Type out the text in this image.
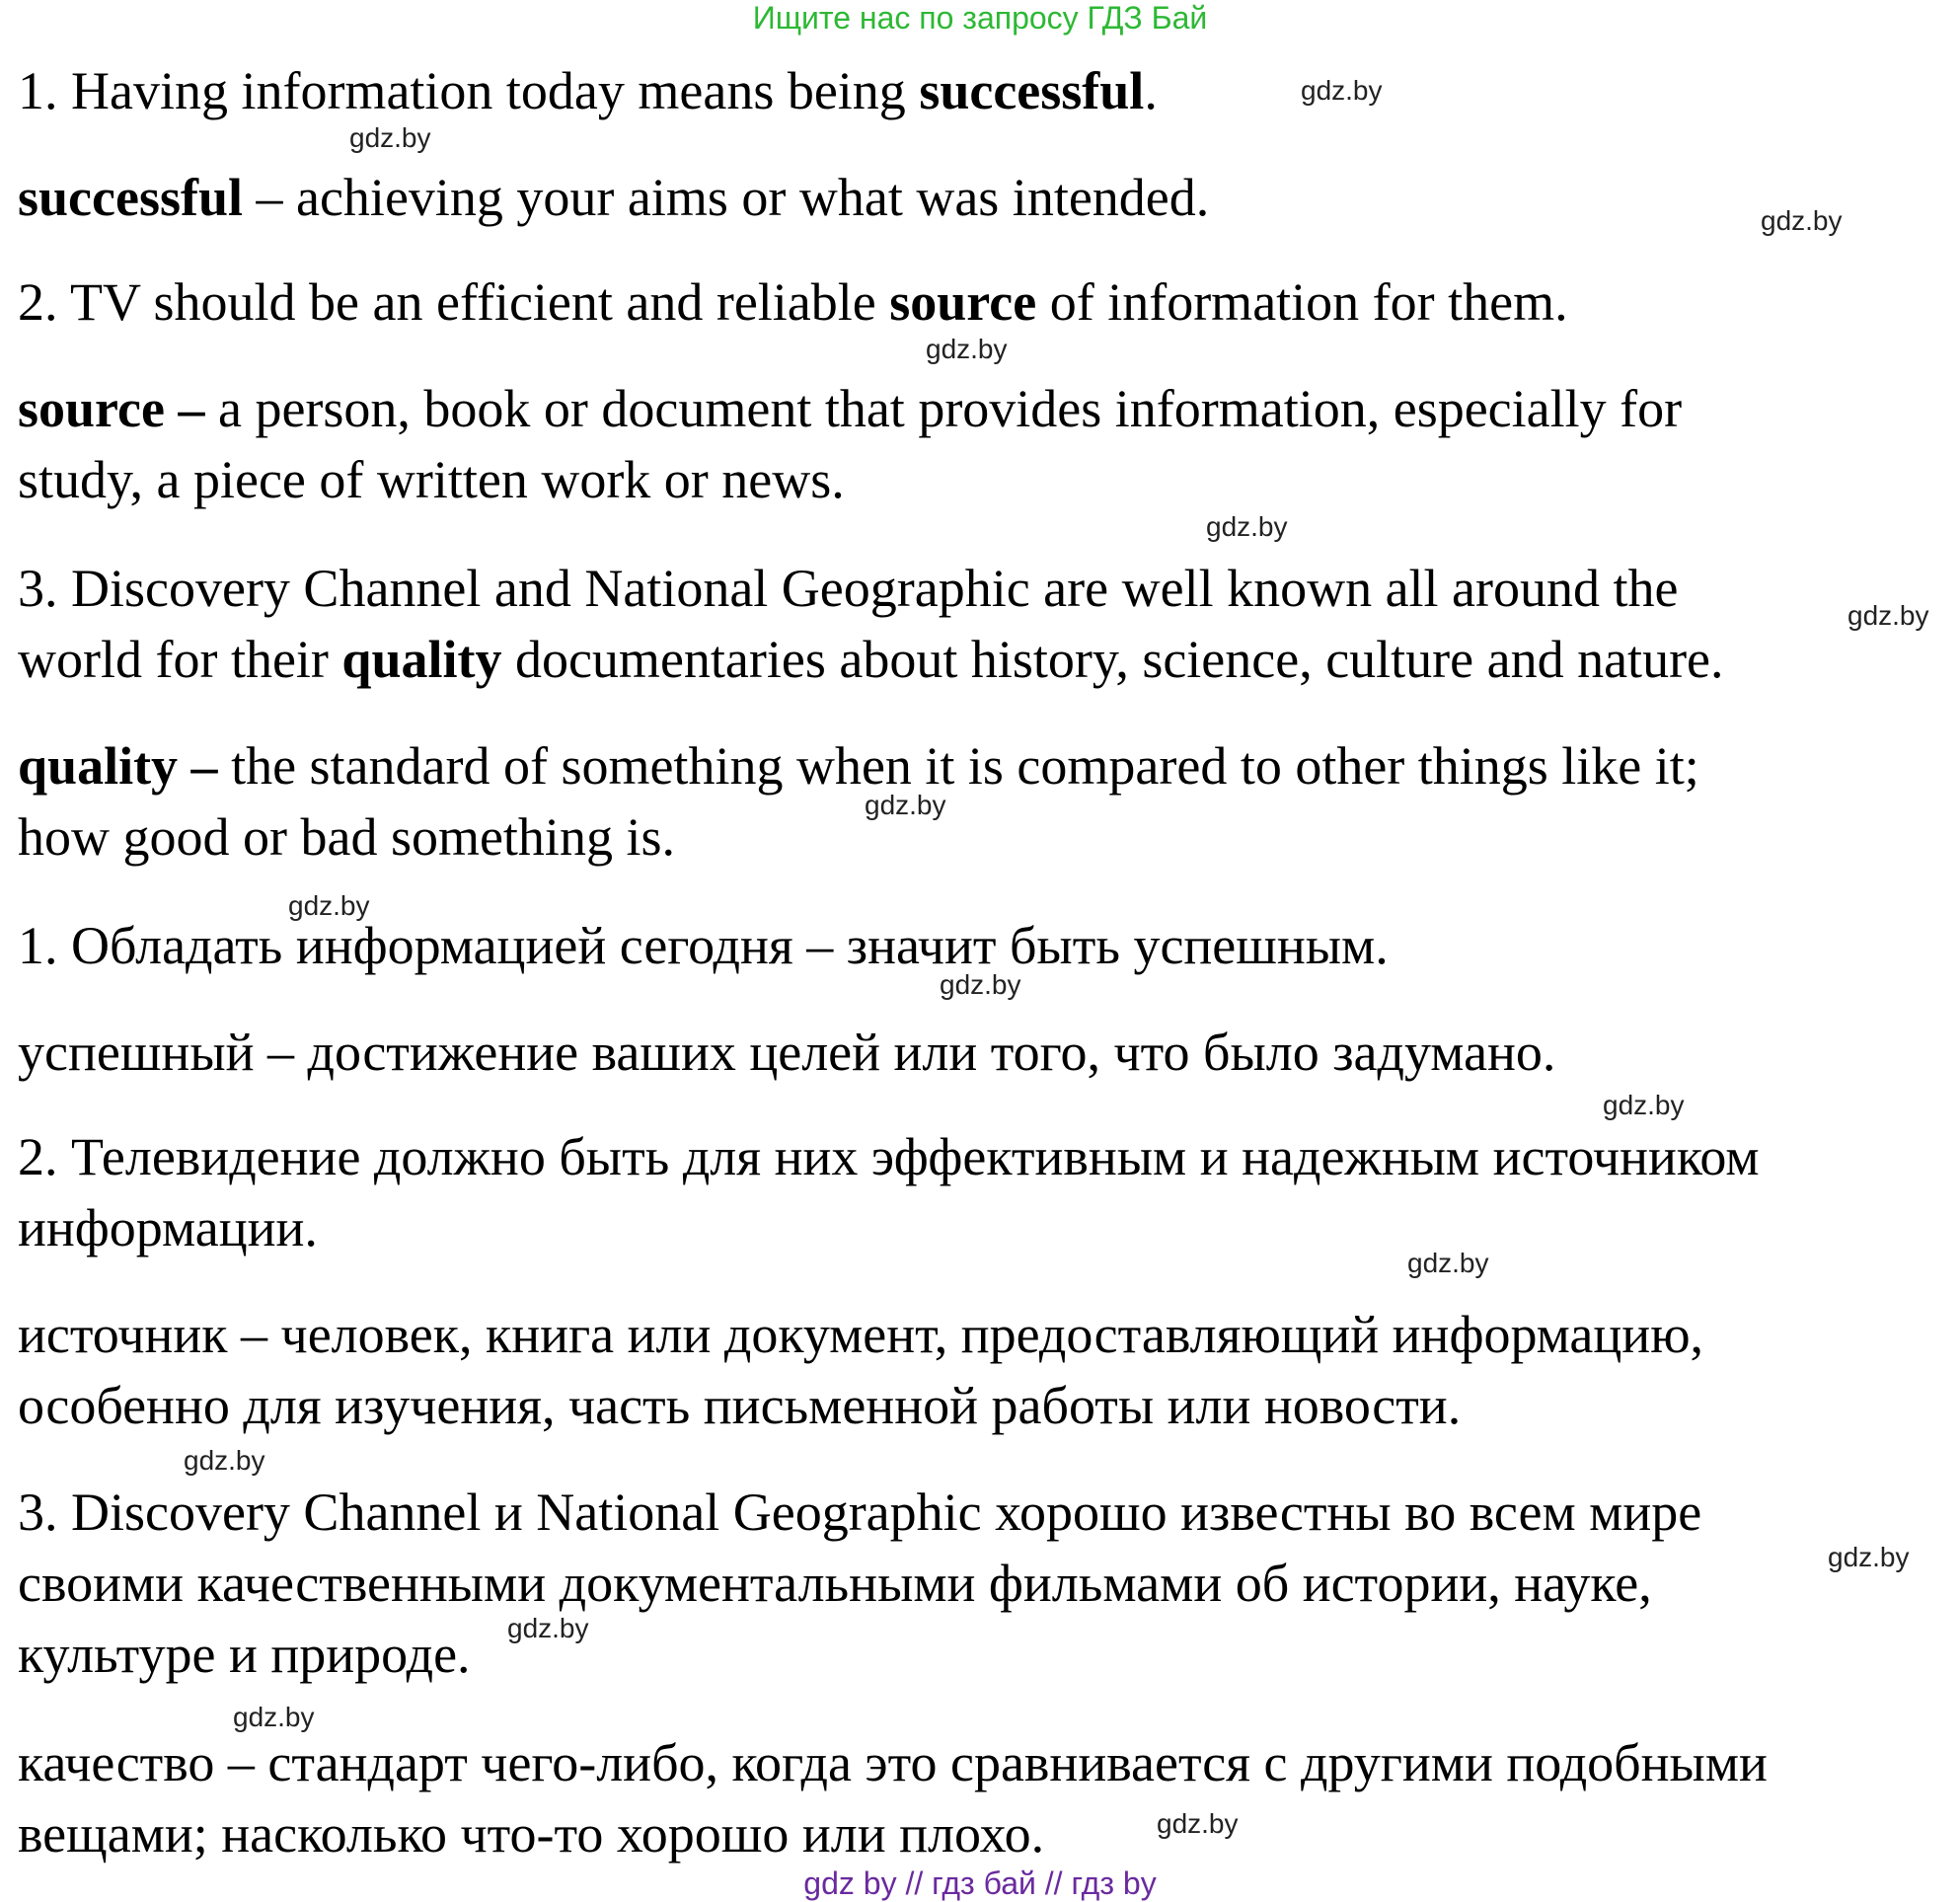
Ищите нас по запросу ГДЗ Бай
1. Having information today means being successful.
successful – achieving your aims or what was intended.
2. TV should be an efficient and reliable source of information for them.
source – a person, book or document that provides information, especially for
study, a piece of written work or news.
3. Discovery Channel and National Geographic are well known all around the
world for their quality documentaries about history, science, culture and nature.
quality – the standard of something when it is compared to other things like it;
how good or bad something is.
1. Обладать информацией сегодня – значит быть успешным.
успешный – достижение ваших целей или того, что было задумано.
2. Телевидение должно быть для них эффективным и надежным источником
информации.
источник – человек, книга или документ, предоставляющий информацию,
особенно для изучения, часть письменной работы или новости.
3. Discovery Channel и National Geographic хорошо известны во всем мире
своими качественными документальными фильмами об истории, науке,
культуре и природе.
качество – стандарт чего-либо, когда это сравнивается с другими подобными
вещами; насколько что-то хорошо или плохо.
gdz.by
gdz.by
gdz.by
gdz.by
gdz.by
gdz.by
gdz.by
gdz.by
gdz.by
gdz.by
gdz.by
gdz.by
gdz.by
gdz.by
gdz.by
gdz.by
gdz by // гдз бай // гдз by
